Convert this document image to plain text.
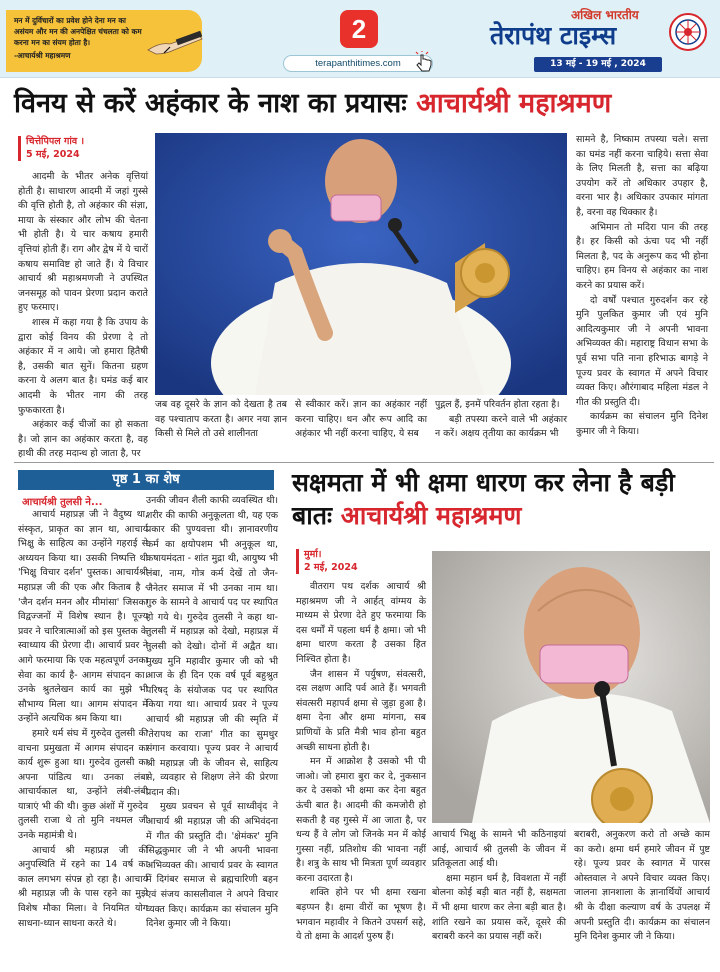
मन में दुर्विचारों का प्रवेश होने देना मन का असंयम और मन की अनपेक्षित चंचलता को कम करना मन का संयम होता है।
-आचार्यश्री महाश्रमण
2
terapanthitimes.com
अखिल भारतीय
तेरापंथ टाइम्स
13 मई - 19 मई , 2024
विनय से करें अहंकार के नाश का प्रयासः आचार्यश्री महाश्रमण
चित्तेपिपल गांव ।
5 मई, 2024

आदमी के भीतर अनेक वृत्तियां होती है। साधारण आदमी में जहां गुस्से की वृत्ति होती है, तो अहंकार की संज्ञा, माया के संस्कार और लोभ की चेतना भी होती है। ये चार कषाय हमारी वृत्तियां होती हैं। राग और द्वेष में ये चारों कषाय समाविष्ट हो जाते हैं। ये विचार आचार्य श्री महाश्रमणजी ने उपस्थित जनसमूह को पावन प्रेरणा प्रदान कराते हुए फरमाए।

शास्त्र में कहा गया है कि उपाय के द्वारा कोई विनय की प्रेरणा दे तो अहंकार में न आये। जो हमारा हितैषी है, उसकी बात सुनें। कितना ग्रहण करना ये अलग बात है। घमंड कई बार आदमी के भीतर नाग की तरह फुफकारता है।

अहंकार कई चीजों का हो सकता है। जो ज्ञान का अहंकार करता है, वह हाथी की तरह मदान्ध हो जाता है, पर

जब वह दूसरे के ज्ञान को देखता है तब वह पश्चाताप करता है। अगर नया ज्ञान किसी से मिले तो उसे शालीनता

से स्वीकार करें। ज्ञान का अहंकार नहीं करना चाहिए। धन और रूप आदि का अहंकार भी नहीं करना चाहिए, ये सब

पुद्गल हैं, इनमें परिवर्तन होता रहता है।

बड़ी तपस्या करने वाले भी अहंकार न करें। अक्षय तृतीया का कार्यक्रम भी

सामने है, निष्काम तपस्या चले। सत्ता का घमंड नहीं करना चाहिये। सत्ता सेवा के लिए मिलती है, सत्ता का बढ़िया उपयोग करें तो अधिकार उपहार है, वरना भार है। अधिकार उपकार मांगता है, वरना वह धिक्कार है।

अभिमान तो मदिरा पान की तरह है। हर किसी को ऊंचा पद भी नहीं मिलता है, पद के अनुरूप कद भी होना चाहिए। हम विनय से अहंकार का नाश करने का प्रयास करें।

दो वर्षों पश्चात गुरुदर्शन कर रहे मुनि पुलकित कुमार जी एवं मुनि आदित्यकुमार जी ने अपनी भावना अभिव्यक्त की। महाराष्ट्र विधान सभा के पूर्व सभा पति नाना हरिभाऊ बागड़े ने पूज्य प्रवर के स्वागत में अपने विचार व्यक्त किए। औरंगाबाद महिला मंडल ने गीत की प्रस्तुति दी।

कार्यक्रम का संचालन मुनि दिनेश कुमार जी ने किया।

पृष्ठ 1 का शेष
आचार्यश्री तुलसी ने...

आचार्य महाप्रज्ञ जी ने वैदुष्य था, संस्कृत, प्राकृत का ज्ञान था, आचार्य भिक्षु के साहित्य का उन्होंने गहराई से अध्ययन किया था। उसकी निष्पत्ति थी 'भिक्षु विचार दर्शन' पुस्तक। आचार्यश्री महाप्रज्ञ जी की एक और किताब है - 'जैन दर्शन मनन और मीमांसा' जिसका विद्वज्जनों में विशेष स्थान है। पूज्य प्रवर ने चारित्रात्माओं को इस पुस्तक के स्वाध्याय की प्रेरणा दी। आचार्य प्रवर ने आगे फरमाया कि एक महत्वपूर्ण उनका सेवा का कार्य है- आगम संपादन का। उनके श्रुतलेखन कार्य का मुझे भी सौभाग्य मिला था। आगम संपादन में उन्होंने अत्यधिक श्रम किया था।

हमारे धर्म संघ में गुरुदेव तुलसी की वाचना प्रमुखता में आगम संपादन का कार्य शुरू हुआ था। गुरुदेव तुलसी का अपना पांडित्य था। उनका लंबा आचार्यकाल था, उन्होंने लंबी-लंबी यात्राएं भी की थी। कुछ अंशों में गुरुदेव तुलसी राजा थे तो मुनि नथमल जी उनके महामंत्री थे।

आचार्य श्री महाप्रज्ञ जी की अनुपस्थिति में रहने का 14 वर्ष का काल लगभग संपन्न हो रहा है। आचार्य श्री महाप्रज्ञ जी के पास रहने का मुझे विशेष मौका मिला। वे नियमित योग साधना-ध्यान साधना करते थे।

उनकी जीवन शैली काफी व्यवस्थित थी। शरीर की काफी अनुकूलता थी, यह एक प्रकार की पुण्यवत्ता थी। ज्ञानावरणीय कर्म का क्षयोपशम भी अनुकूल था, कषायमंदता - शांत मुद्रा थी, आयुष्य भी लंबा, नाम, गोत्र कर्म देखें तो जैन-जैनेतर समाज में भी उनका नाम था। गुरु के सामने वे आचार्य पद पर स्थापित हो गये थे। गुरुदेव तुलसी ने कहा था- तुलसी में महाप्रज्ञ को देखो, महाप्रज्ञ में तुलसी को देखो। दोनों में अद्वैत था। मुख्य मुनि महावीर कुमार जी को भी आज के ही दिन एक वर्ष पूर्व बहुश्रुत परिषद् के संयोजक पद पर स्थापित किया गया था। आचार्य प्रवर ने पूज्य आचार्य श्री महाप्रज्ञ जी की स्मृति में 'तेरापथ का राजा' गीत का सुमधुर संगान करवाया। पूज्य प्रवर ने आचार्य श्री महाप्रज्ञ जी के जीवन से, साहित्य से, व्यवहार से शिक्षण लेने की प्रेरणा प्रदान की।

मुख्य प्रवचन से पूर्व साध्वीवृंद ने आचार्य श्री महाप्रज्ञ जी की अभिवंदना में गीत की प्रस्तुति दी। 'क्षेमंकर' मुनि सिद्धकुमार जी ने भी अपनी भावना अभिव्यक्त की। आचार्य प्रवर के स्वागत में दिगंबर समाज से ब्रह्मचारिणी बहन एवं संजय कासलीवाल ने अपने विचार व्यक्त किए। कार्यक्रम का संचालन मुनि दिनेश कुमार जी ने किया।

सक्षमता में भी क्षमा धारण कर लेना है बड़ी बातः आचार्यश्री महाश्रमण
मुर्मा।
2 मई, 2024

वीतराग पथ दर्शक आचार्य श्री महाश्रमण जी ने आर्हत् वांग्मय के माध्यम से प्रेरणा देते हुए फरमाया कि दस धर्मों में पहला धर्म है क्षमा। जो भी क्षमा धारण करता है उसका हित निश्चित होता है।

जैन शासन में पर्युषण, संवत्सरी, दस लक्षण आदि पर्व आते हैं। भगवती संवत्सरी महापर्व क्षमा से जुड़ा हुआ है। क्षमा देना और क्षमा मांगना, सब प्राणियों के प्रति मैत्री भाव होना बहुत अच्छी साधना होती है।

मन में आक्रोश है उसको भी पी जाओ। जो हमारा बुरा कर दे, नुकसान कर दे उसको भी क्षमा कर देना बहुत ऊंची बात है। आदमी की कमजोरी हो सकती है वह गुस्से में आ जाता है, पर धन्य हैं वे लोग जो जिनके मन में कोई गुस्सा नहीं, प्रतिशोध की भावना नहीं है। शत्रु के साथ भी मित्रता पूर्ण व्यवहार करना उदारता है।

शक्ति होने पर भी क्षमा रखना बड़प्पन है। क्षमा वीरों का भूषण है। भगवान महावीर ने कितने उपसर्ग सहे, ये तो क्षमा के आदर्श पुरुष हैं।

आचार्य भिक्षु के सामने भी कठिनाइयां आई, आचार्य श्री तुलसी के जीवन में प्रतिकूलता आई थी।

क्षमा महान धर्म है, विवशता में नहीं बोलना कोई बड़ी बात नहीं है, सक्षमता में भी क्षमा धारण कर लेना बड़ी बात है। शांति रखने का प्रयास करें, दूसरे की बराबरी करने का प्रयास नहीं करें।

बराबरी, अनुकरण करो तो अच्छे काम का करो। क्षमा धर्म हमारे जीवन में पुष्ट रहे। पूज्य प्रवर के स्वागत में पारस ओस्तवाल ने अपने विचार व्यक्त किए। जालना ज्ञानशाला के ज्ञानार्थियों आचार्य श्री के दीक्षा कल्याण वर्ष के उपलक्ष में अपनी प्रस्तुति दी। कार्यक्रम का संचालन मुनि दिनेश कुमार जी ने किया।
